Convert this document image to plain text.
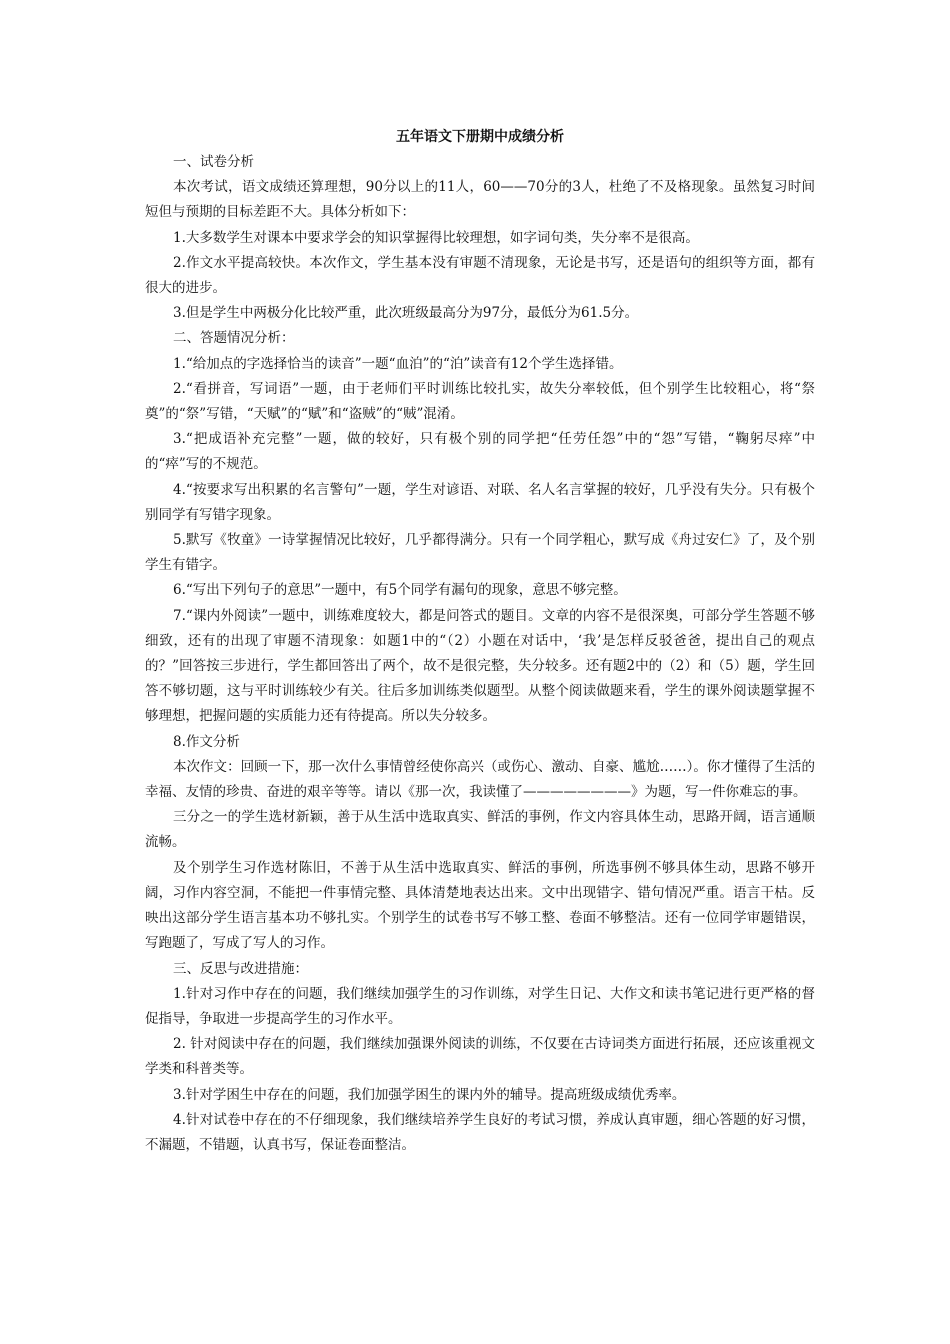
五年语文下册期中成绩分析

一、试卷分析

本次考试，语文成绩还算理想，90分以上的11人，60——70分的3人，杜绝了不及格现象。虽然复习时间短但与预期的目标差距不大。具体分析如下：

1.大多数学生对课本中要求学会的知识掌握得比较理想，如字词句类，失分率不是很高。

2.作文水平提高较快。本次作文，学生基本没有审题不清现象，无论是书写，还是语句的组织等方面，都有很大的进步。

3.但是学生中两极分化比较严重，此次班级最高分为97分，最低分为61.5分。

二、答题情况分析：

1.“给加点的字选择恰当的读音”一题“血泊”的“泊”读音有12个学生选择错。

2.“看拼音，写词语”一题，由于老师们平时训练比较扎实，故失分率较低，但个别学生比较粗心，将“祭奠”的“祭”写错，“天赋”的“赋”和“盗贼”的“贼”混淆。

3.“把成语补充完整”一题，做的较好，只有极个别的同学把“任劳任怨”中的“怨”写错，“鞠躬尽瘁”中的“瘁”写的不规范。

4.“按要求写出积累的名言警句”一题，学生对谚语、对联、名人名言掌握的较好，几乎没有失分。只有极个别同学有写错字现象。

5.默写《牧童》一诗掌握情况比较好，几乎都得满分。只有一个同学粗心，默写成《舟过安仁》了，及个别学生有错字。

6.“写出下列句子的意思”一题中，有5个同学有漏句的现象，意思不够完整。

7.“课内外阅读”一题中，训练难度较大，都是问答式的题目。文章的内容不是很深奥，可部分学生答题不够细致，还有的出现了审题不清现象：如题1中的“（2）小题在对话中，‘我’是怎样反驳爸爸，提出自己的观点的？”回答按三步进行，学生都回答出了两个，故不是很完整，失分较多。还有题2中的（2）和（5）题，学生回答不够切题，这与平时训练较少有关。往后多加训练类似题型。从整个阅读做题来看，学生的课外阅读题掌握不够理想，把握问题的实质能力还有待提高。所以失分较多。

8.作文分析

本次作文：回顾一下，那一次什么事情曾经使你高兴（或伤心、激动、自豪、尴尬……）。你才懂得了生活的幸福、友情的珍贵、奋进的艰辛等等。请以《那一次，我读懂了————————》为题，写一件你难忘的事。

三分之一的学生选材新颖，善于从生活中选取真实、鲜活的事例，作文内容具体生动，思路开阔，语言通顺流畅。

及个别学生习作选材陈旧，不善于从生活中选取真实、鲜活的事例，所选事例不够具体生动，思路不够开阔，习作内容空洞，不能把一件事情完整、具体清楚地表达出来。文中出现错字、错句情况严重。语言干枯。反映出这部分学生语言基本功不够扎实。个别学生的试卷书写不够工整、卷面不够整洁。还有一位同学审题错误，写跑题了，写成了写人的习作。

三、反思与改进措施：

1.针对习作中存在的问题，我们继续加强学生的习作训练，对学生日记、大作文和读书笔记进行更严格的督促指导，争取进一步提高学生的习作水平。

2. 针对阅读中存在的问题，我们继续加强课外阅读的训练，不仅要在古诗词类方面进行拓展，还应该重视文学类和科普类等。

3.针对学困生中存在的问题，我们加强学困生的课内外的辅导。提高班级成绩优秀率。

4.针对试卷中存在的不仔细现象，我们继续培养学生良好的考试习惯，养成认真审题，细心答题的好习惯，不漏题，不错题，认真书写，保证卷面整洁。
